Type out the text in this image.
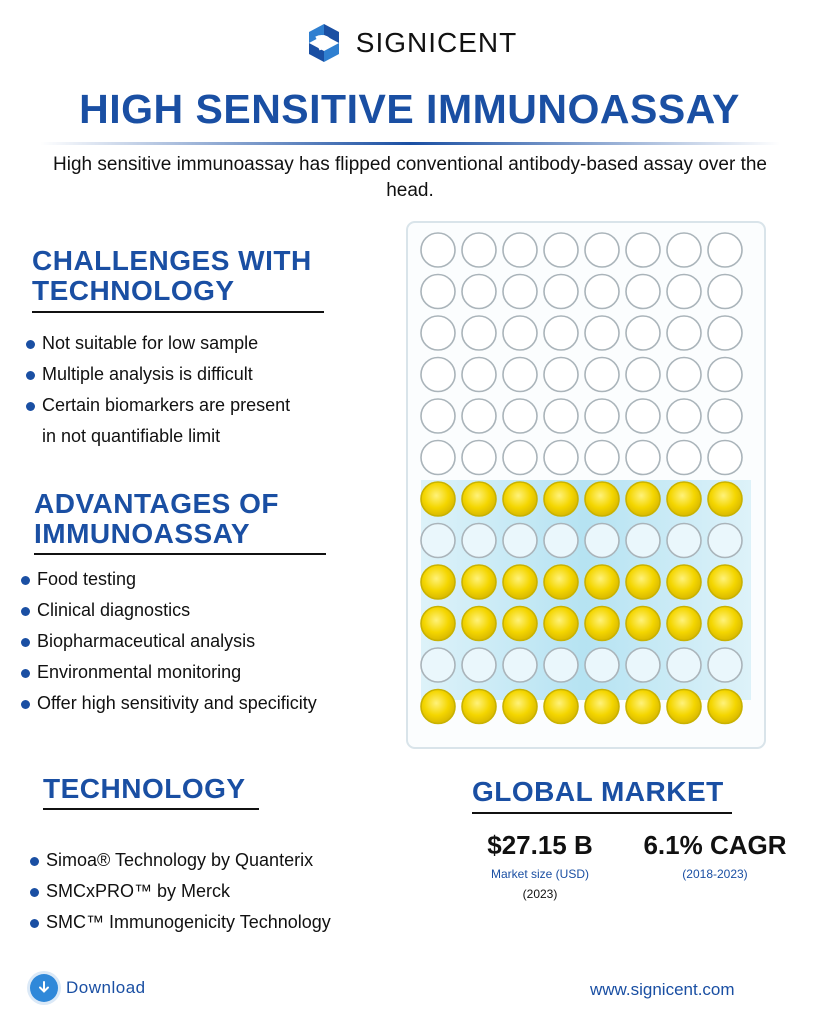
SIGNICENT
HIGH SENSITIVE IMMUNOASSAY
High sensitive immunoassay has flipped conventional antibody-based assay over the head.
CHALLENGES WITH
TECHNOLOGY
Not suitable for low sample
Multiple analysis is difficult
Certain biomarkers are present
in not quantifiable limit
ADVANTAGES OF
IMMUNOASSAY
Food testing
Clinical diagnostics
Biopharmaceutical analysis
Environmental monitoring
Offer high sensitivity and specificity
TECHNOLOGY
Simoa® Technology by Quanterix
SMCxPRO™ by Merck
SMC™ Immunogenicity Technology
GLOBAL MARKET
$27.15 B
Market size (USD)
(2023)
6.1% CAGR
(2018-2023)
Download	www.signicent.com
